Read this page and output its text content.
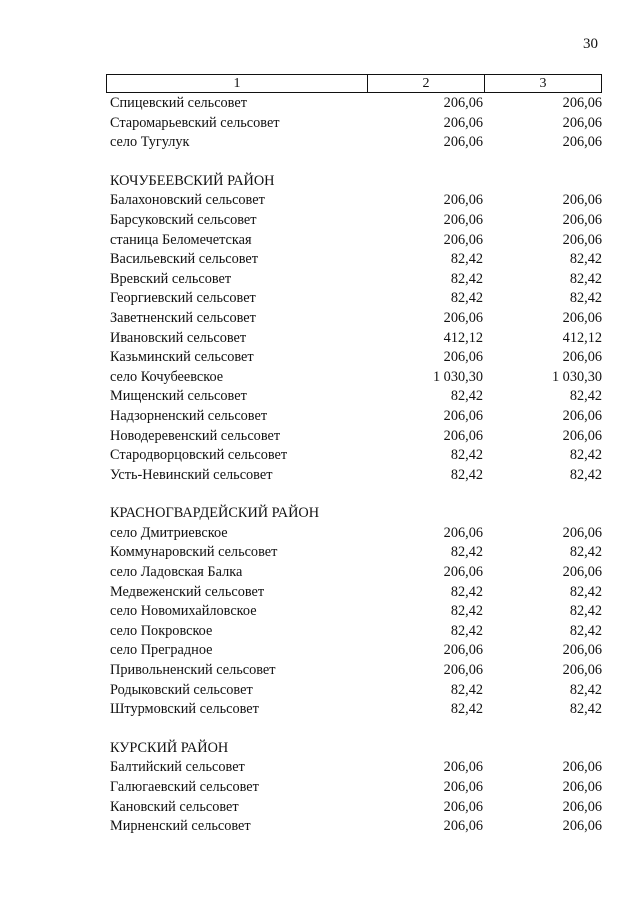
30
1	2	3
Спицевский сельсовет	206,06	206,06
Старомарьевский сельсовет	206,06	206,06
село Тугулук	206,06	206,06
КОЧУБЕЕВСКИЙ РАЙОН
Балахоновский сельсовет	206,06	206,06
Барсуковский сельсовет	206,06	206,06
станица Беломечетская	206,06	206,06
Васильевский сельсовет	82,42	82,42
Вревский сельсовет	82,42	82,42
Георгиевский сельсовет	82,42	82,42
Заветненский сельсовет	206,06	206,06
Ивановский сельсовет	412,12	412,12
Казьминский сельсовет	206,06	206,06
село Кочубеевское	1 030,30	1 030,30
Мищенский сельсовет	82,42	82,42
Надзорненский сельсовет	206,06	206,06
Новодеревенский сельсовет	206,06	206,06
Стародворцовский сельсовет	82,42	82,42
Усть-Невинский сельсовет	82,42	82,42
КРАСНОГВАРДЕЙСКИЙ РАЙОН
село Дмитриевское	206,06	206,06
Коммунаровский сельсовет	82,42	82,42
село Ладовская Балка	206,06	206,06
Медвеженский сельсовет	82,42	82,42
село Новомихайловское	82,42	82,42
село Покровское	82,42	82,42
село Преградное	206,06	206,06
Привольненский сельсовет	206,06	206,06
Родыковский сельсовет	82,42	82,42
Штурмовский сельсовет	82,42	82,42
КУРСКИЙ РАЙОН
Балтийский сельсовет	206,06	206,06
Галюгаевский сельсовет	206,06	206,06
Кановский сельсовет	206,06	206,06
Мирненский сельсовет	206,06	206,06
